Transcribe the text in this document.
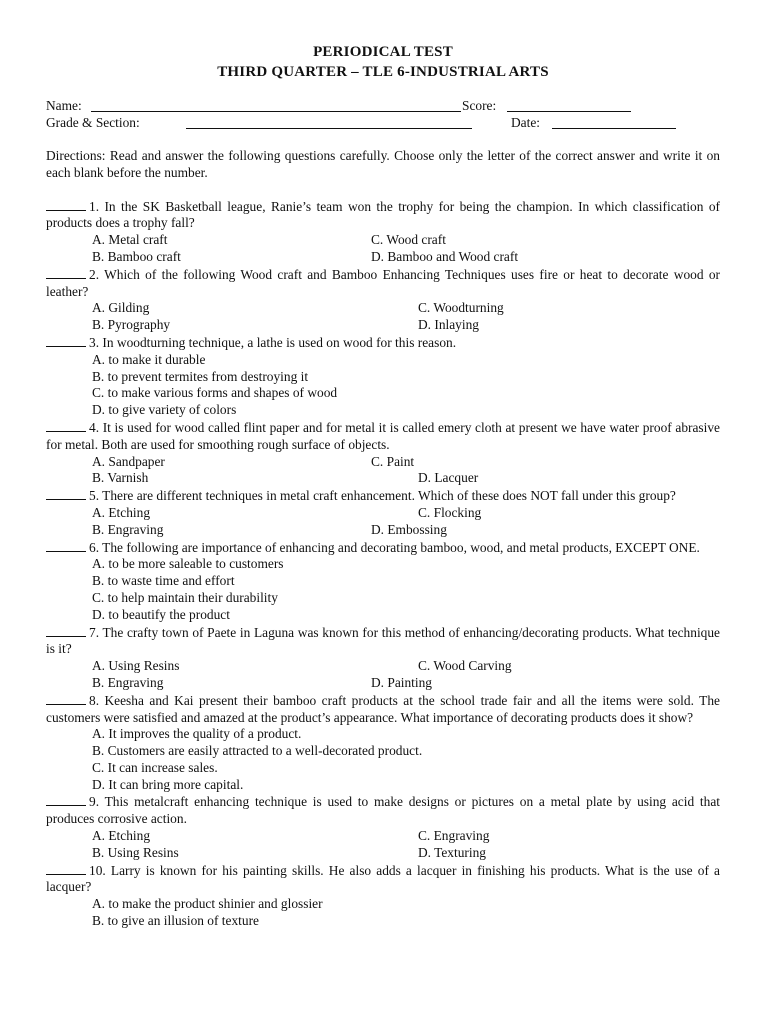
PERIODICAL TEST
THIRD QUARTER – TLE 6-INDUSTRIAL ARTS
Name:	Score:
Grade & Section:	Date:
Directions: Read and answer the following questions carefully. Choose only the letter of the correct answer and write it on each blank before the number.
1. In the SK Basketball league, Ranie’s team won the trophy for being the champion. In which classification of products does a trophy fall?
A. Metal craft	C. Wood craft
B. Bamboo craft	D. Bamboo and Wood craft
2. Which of the following Wood craft and Bamboo Enhancing Techniques uses fire or heat to decorate wood or leather?
A. Gilding	C. Woodturning
B. Pyrography	D. Inlaying
3. In woodturning technique, a lathe is used on wood for this reason.
A. to make it durable
B. to prevent termites from destroying it
C. to make various forms and shapes of wood
D. to give variety of colors
4. It is used for wood called flint paper and for metal it is called emery cloth at present we have water proof abrasive for metal. Both are used for smoothing rough surface of objects.
A. Sandpaper	C. Paint
B. Varnish	D. Lacquer
5. There are different techniques in metal craft enhancement. Which of these does NOT fall under this group?
A. Etching	C. Flocking
B. Engraving	D. Embossing
6. The following are importance of enhancing and decorating bamboo, wood, and metal products, EXCEPT ONE.
A. to be more saleable to customers
B. to waste time and effort
C. to help maintain their durability
D. to beautify the product
7. The crafty town of Paete in Laguna was known for this method of enhancing/decorating products. What technique is it?
A. Using Resins	C. Wood Carving
B. Engraving	D. Painting
8. Keesha and Kai present their bamboo craft products at the school trade fair and all the items were sold. The customers were satisfied and amazed at the product’s appearance. What importance of decorating products does it show?
A. It improves the quality of a product.
B. Customers are easily attracted to a well-decorated product.
C. It can increase sales.
D. It can bring more capital.
9. This metalcraft enhancing technique is used to make designs or pictures on a metal plate by using acid that produces corrosive action.
A. Etching	C. Engraving
B. Using Resins	D. Texturing
10. Larry is known for his painting skills. He also adds a lacquer in finishing his products. What is the use of a lacquer?
A. to make the product shinier and glossier
B. to give an illusion of texture
